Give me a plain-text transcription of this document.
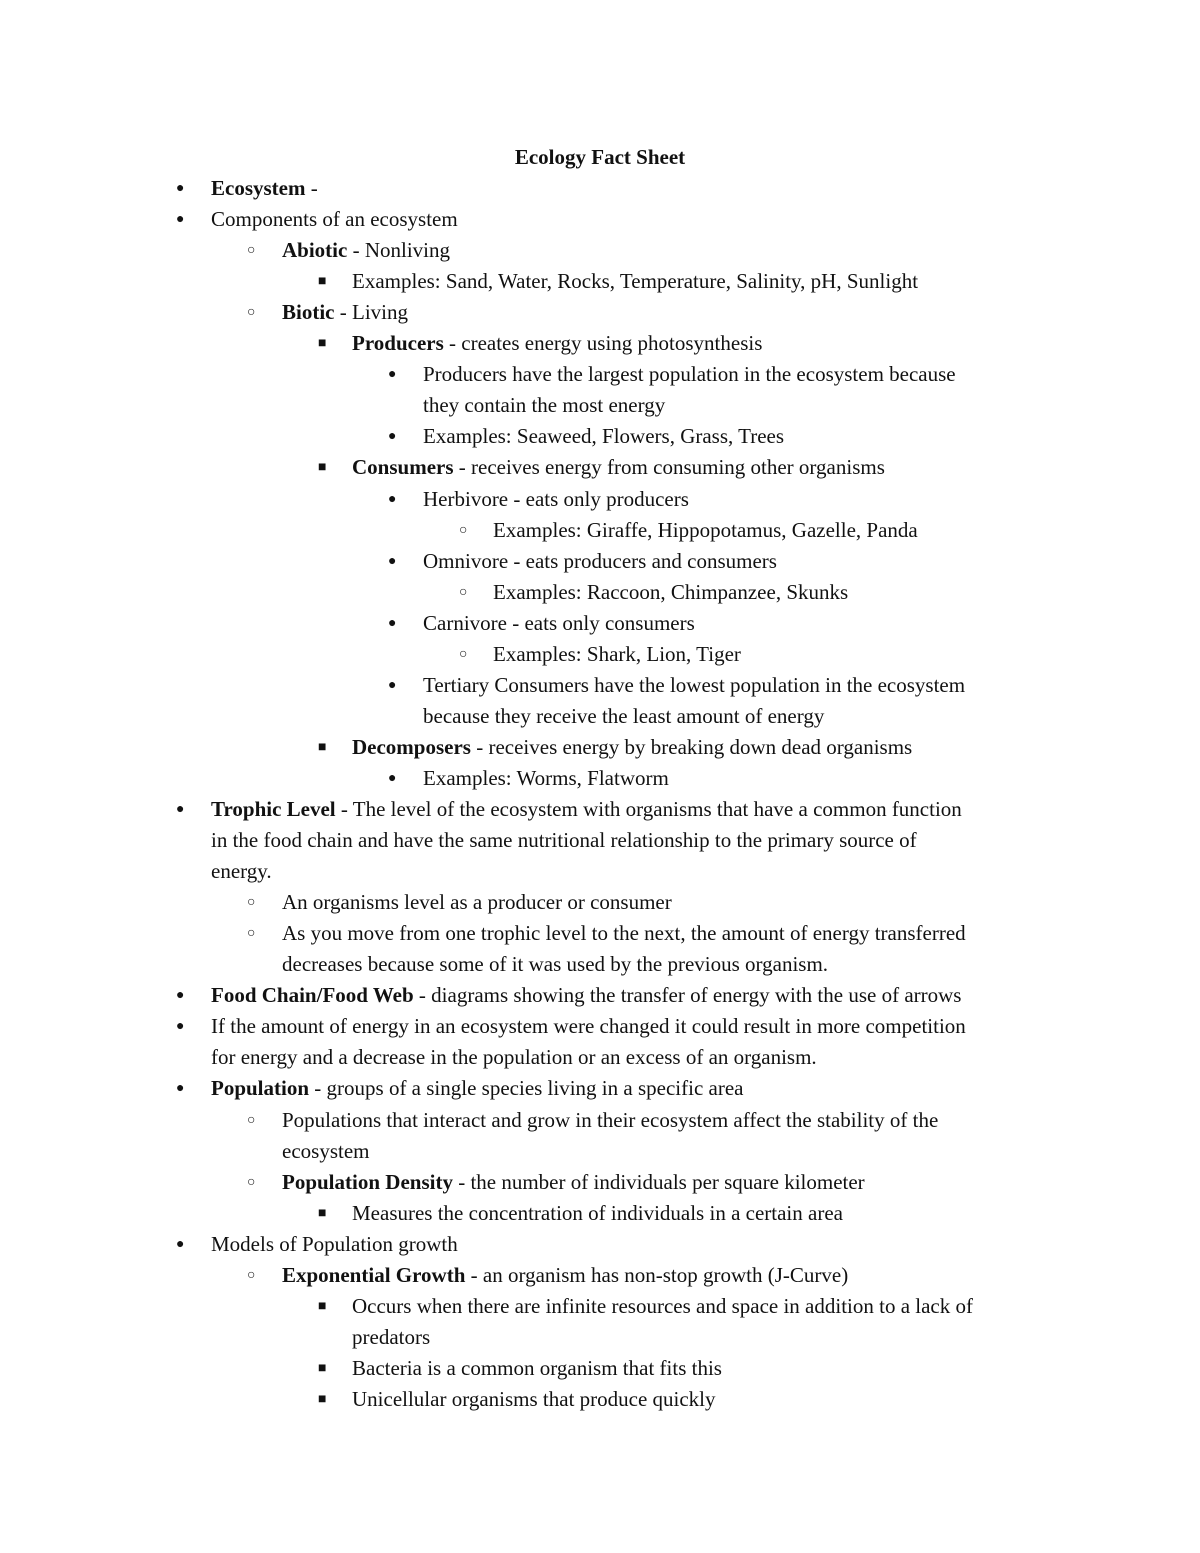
Ecology Fact Sheet
●
Ecosystem -
●
Components of an ecosystem
○
Abiotic - Nonliving
■
Examples: Sand, Water, Rocks, Temperature, Salinity, pH, Sunlight
○
Biotic - Living
■
Producers - creates energy using photosynthesis
●
Producers have the largest population in the ecosystem because
they contain the most energy
●
Examples: Seaweed, Flowers, Grass, Trees
■
Consumers - receives energy from consuming other organisms
●
Herbivore - eats only producers
○
Examples: Giraffe, Hippopotamus, Gazelle, Panda
●
Omnivore - eats producers and consumers
○
Examples: Raccoon, Chimpanzee, Skunks
●
Carnivore - eats only consumers
○
Examples: Shark, Lion, Tiger
●
Tertiary Consumers have the lowest population in the ecosystem
because they receive the least amount of energy
■
Decomposers - receives energy by breaking down dead organisms
●
Examples: Worms, Flatworm
●
Trophic Level - The level of the ecosystem with organisms that have a common function
in the food chain and have the same nutritional relationship to the primary source of
energy.
○
An organisms level as a producer or consumer
○
As you move from one trophic level to the next, the amount of energy transferred
decreases because some of it was used by the previous organism.
●
Food Chain/Food Web - diagrams showing the transfer of energy with the use of arrows
●
If the amount of energy in an ecosystem were changed it could result in more competition
for energy and a decrease in the population or an excess of an organism.
●
Population - groups of a single species living in a specific area
○
Populations that interact and grow in their ecosystem affect the stability of the
ecosystem
○
Population Density - the number of individuals per square kilometer
■
Measures the concentration of individuals in a certain area
●
Models of Population growth
○
Exponential Growth - an organism has non-stop growth (J-Curve)
■
Occurs when there are infinite resources and space in addition to a lack of
predators
■
Bacteria is a common organism that fits this
■
Unicellular organisms that produce quickly
